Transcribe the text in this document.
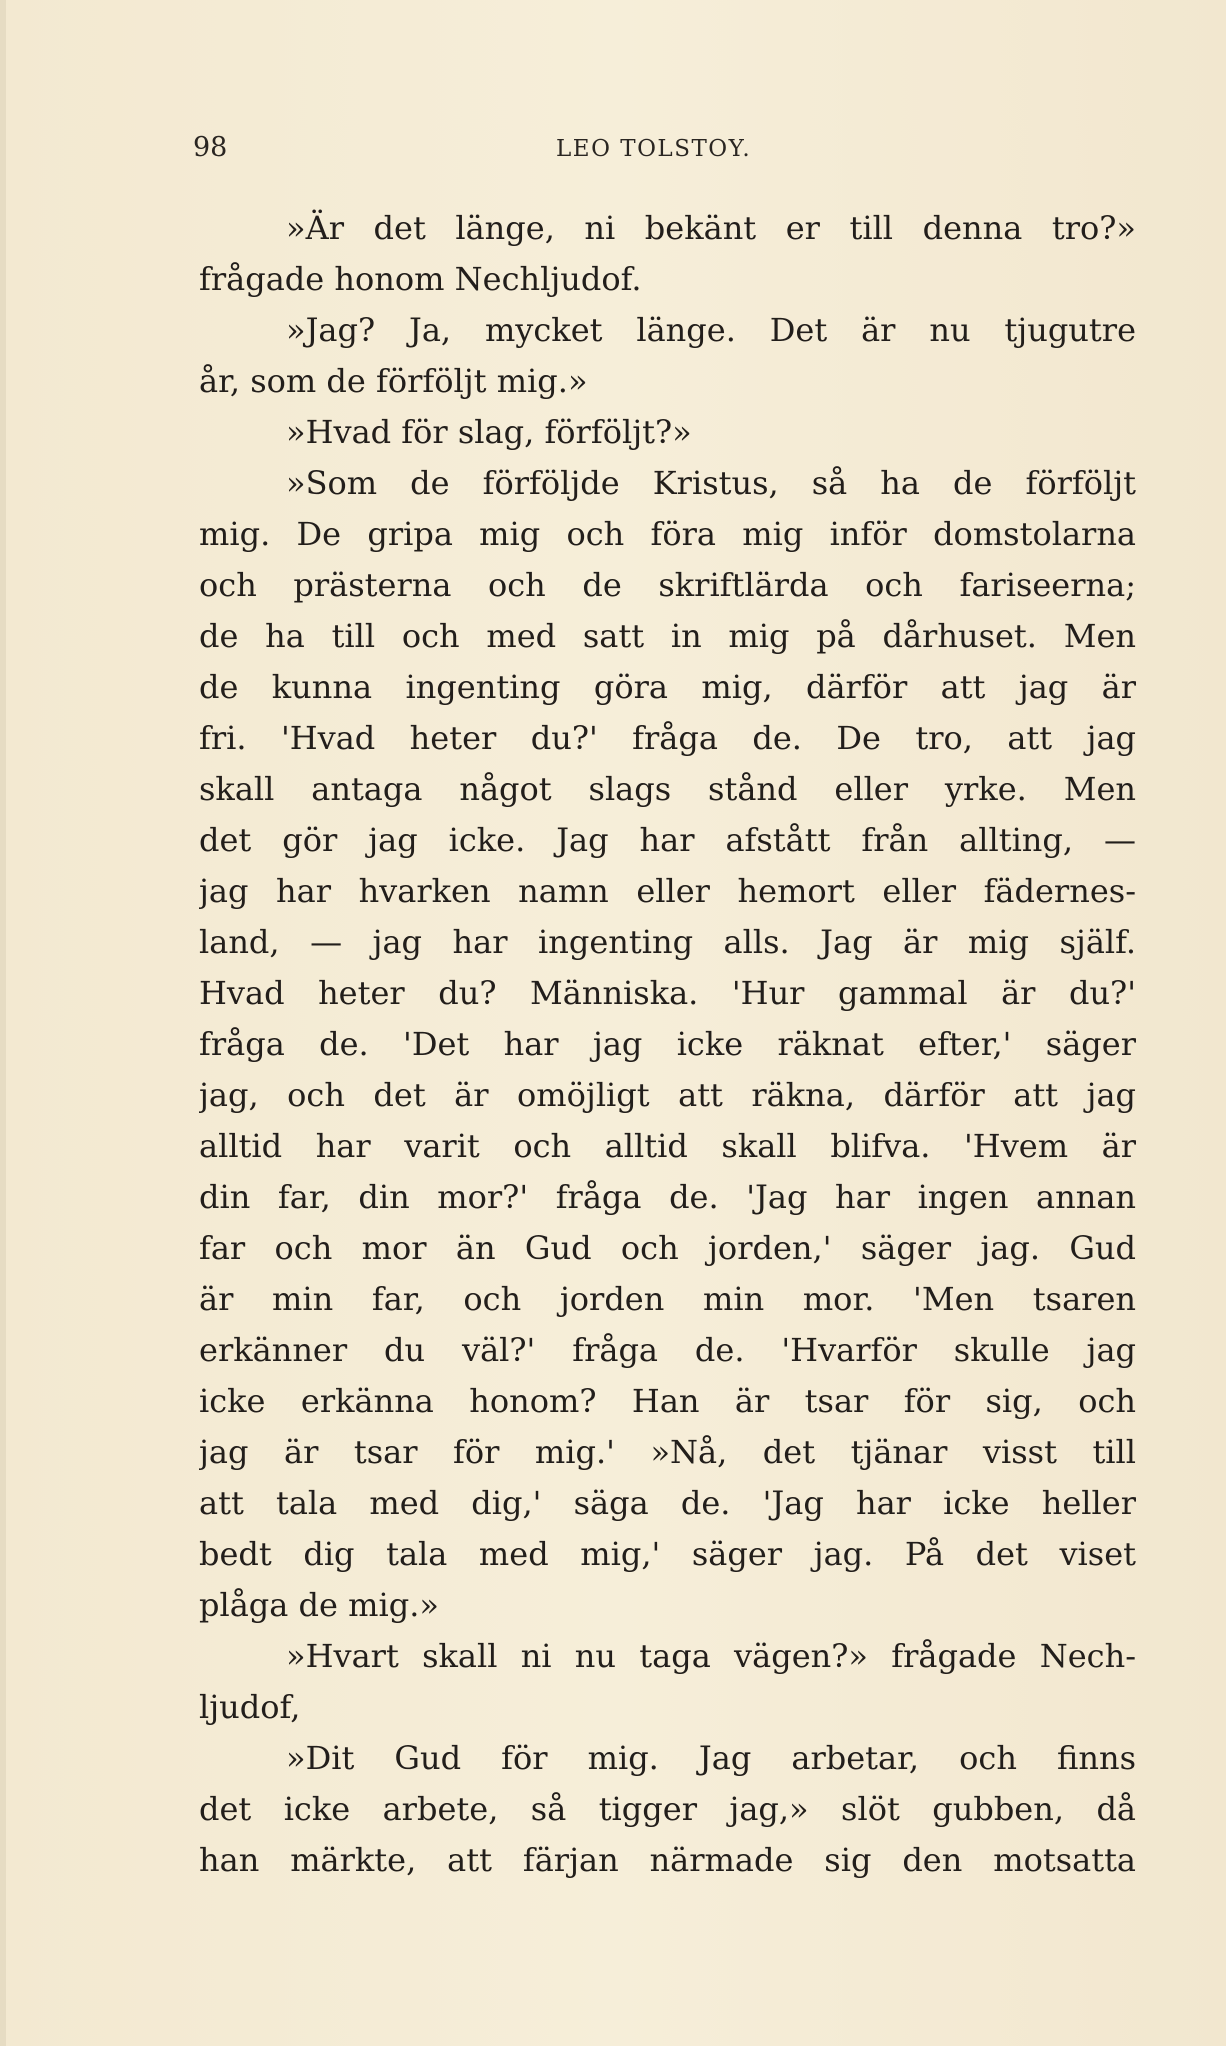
98	LEO TOLSTOY.
»Är det länge, ni bekänt er till denna tro?»
frågade honom Nechljudof.
»Jag? Ja, mycket länge. Det är nu tjugutre
år, som de förföljt mig.»
»Hvad för slag, förföljt?»
»Som de förföljde Kristus, så ha de förföljt
mig. De gripa mig och föra mig inför domstolarna
och prästerna och de skriftlärda och fariseerna;
de ha till och med satt in mig på dårhuset. Men
de kunna ingenting göra mig, därför att jag är
fri. 'Hvad heter du?' fråga de. De tro, att jag
skall antaga något slags stånd eller yrke. Men
det gör jag icke. Jag har afstått från allting, —
jag har hvarken namn eller hemort eller fädernes-
land, — jag har ingenting alls. Jag är mig själf.
Hvad heter du? Människa. 'Hur gammal är du?'
fråga de. 'Det har jag icke räknat efter,' säger
jag, och det är omöjligt att räkna, därför att jag
alltid har varit och alltid skall blifva. 'Hvem är
din far, din mor?' fråga de. 'Jag har ingen annan
far och mor än Gud och jorden,' säger jag. Gud
är min far, och jorden min mor. 'Men tsaren
erkänner du väl?' fråga de. 'Hvarför skulle jag
icke erkänna honom? Han är tsar för sig, och
jag är tsar för mig.' »Nå, det tjänar visst till
att tala med dig,' säga de. 'Jag har icke heller
bedt dig tala med mig,' säger jag. På det viset
plåga de mig.»
»Hvart skall ni nu taga vägen?» frågade Nech-
ljudof,
»Dit Gud för mig. Jag arbetar, och finns
det icke arbete, så tigger jag,» slöt gubben, då
han märkte, att färjan närmade sig den motsatta
